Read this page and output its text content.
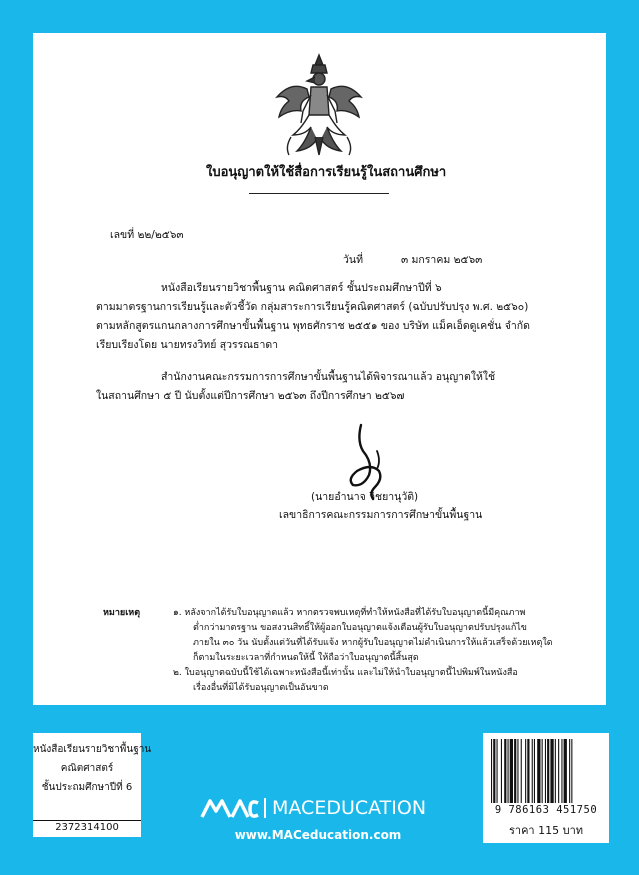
ใบอนุญาตให้ใช้สื่อการเรียนรู้ในสถานศึกษา
เลขที่ ๒๒/๒๕๖๓
วันที่	๓ มกราคม ๒๕๖๓
หนังสือเรียนรายวิชาพื้นฐาน คณิตศาสตร์ ชั้นประถมศึกษาปีที่ ๖
ตามมาตรฐานการเรียนรู้และตัวชี้วัด กลุ่มสาระการเรียนรู้คณิตศาสตร์ (ฉบับปรับปรุง พ.ศ. ๒๕๖๐)
ตามหลักสูตรแกนกลางการศึกษาขั้นพื้นฐาน พุทธศักราช ๒๕๕๑ ของ บริษัท แม็คเอ็ดดูเคชั่น จำกัด
เรียบเรียงโดย นายทรงวิทย์ สุวรรณธาดา
สำนักงานคณะกรรมการการศึกษาขั้นพื้นฐานได้พิจารณาแล้ว อนุญาตให้ใช้
ในสถานศึกษา ๕ ปี นับตั้งแต่ปีการศึกษา ๒๕๖๓ ถึงปีการศึกษา ๒๕๖๗
(นายอำนาจ วิชยานุวัติ)
เลขาธิการคณะกรรมการการศึกษาขั้นพื้นฐาน
หมายเหตุ	๑. หลังจากได้รับใบอนุญาตแล้ว หากตรวจพบเหตุที่ทำให้หนังสือที่ได้รับใบอนุญาตนี้มีคุณภาพ
ต่ำกว่ามาตรฐาน ขอสงวนสิทธิ์ให้ผู้ออกใบอนุญาตแจ้งเตือนผู้รับใบอนุญาตปรับปรุงแก้ไข
ภายใน ๓๐ วัน นับตั้งแต่วันที่ได้รับแจ้ง หากผู้รับใบอนุญาตไม่ดำเนินการให้แล้วเสร็จด้วยเหตุใด
ก็ตามในระยะเวลาที่กำหนดให้นี้ ให้ถือว่าใบอนุญาตนี้สิ้นสุด
๒. ใบอนุญาตฉบับนี้ใช้ได้เฉพาะหนังสือนี้เท่านั้น และไม่ให้นำใบอนุญาตนี้ไปพิมพ์ในหนังสือ
เรื่องอื่นที่มิได้รับอนุญาตเป็นอันขาด
หนังสือเรียนรายวิชาพื้นฐาน
คณิตศาสตร์
ชั้นประถมศึกษาปีที่ 6
2372314100
MACEDUCATION
www.MACeducation.com
9 786163 451750
ราคา 115 บาท
